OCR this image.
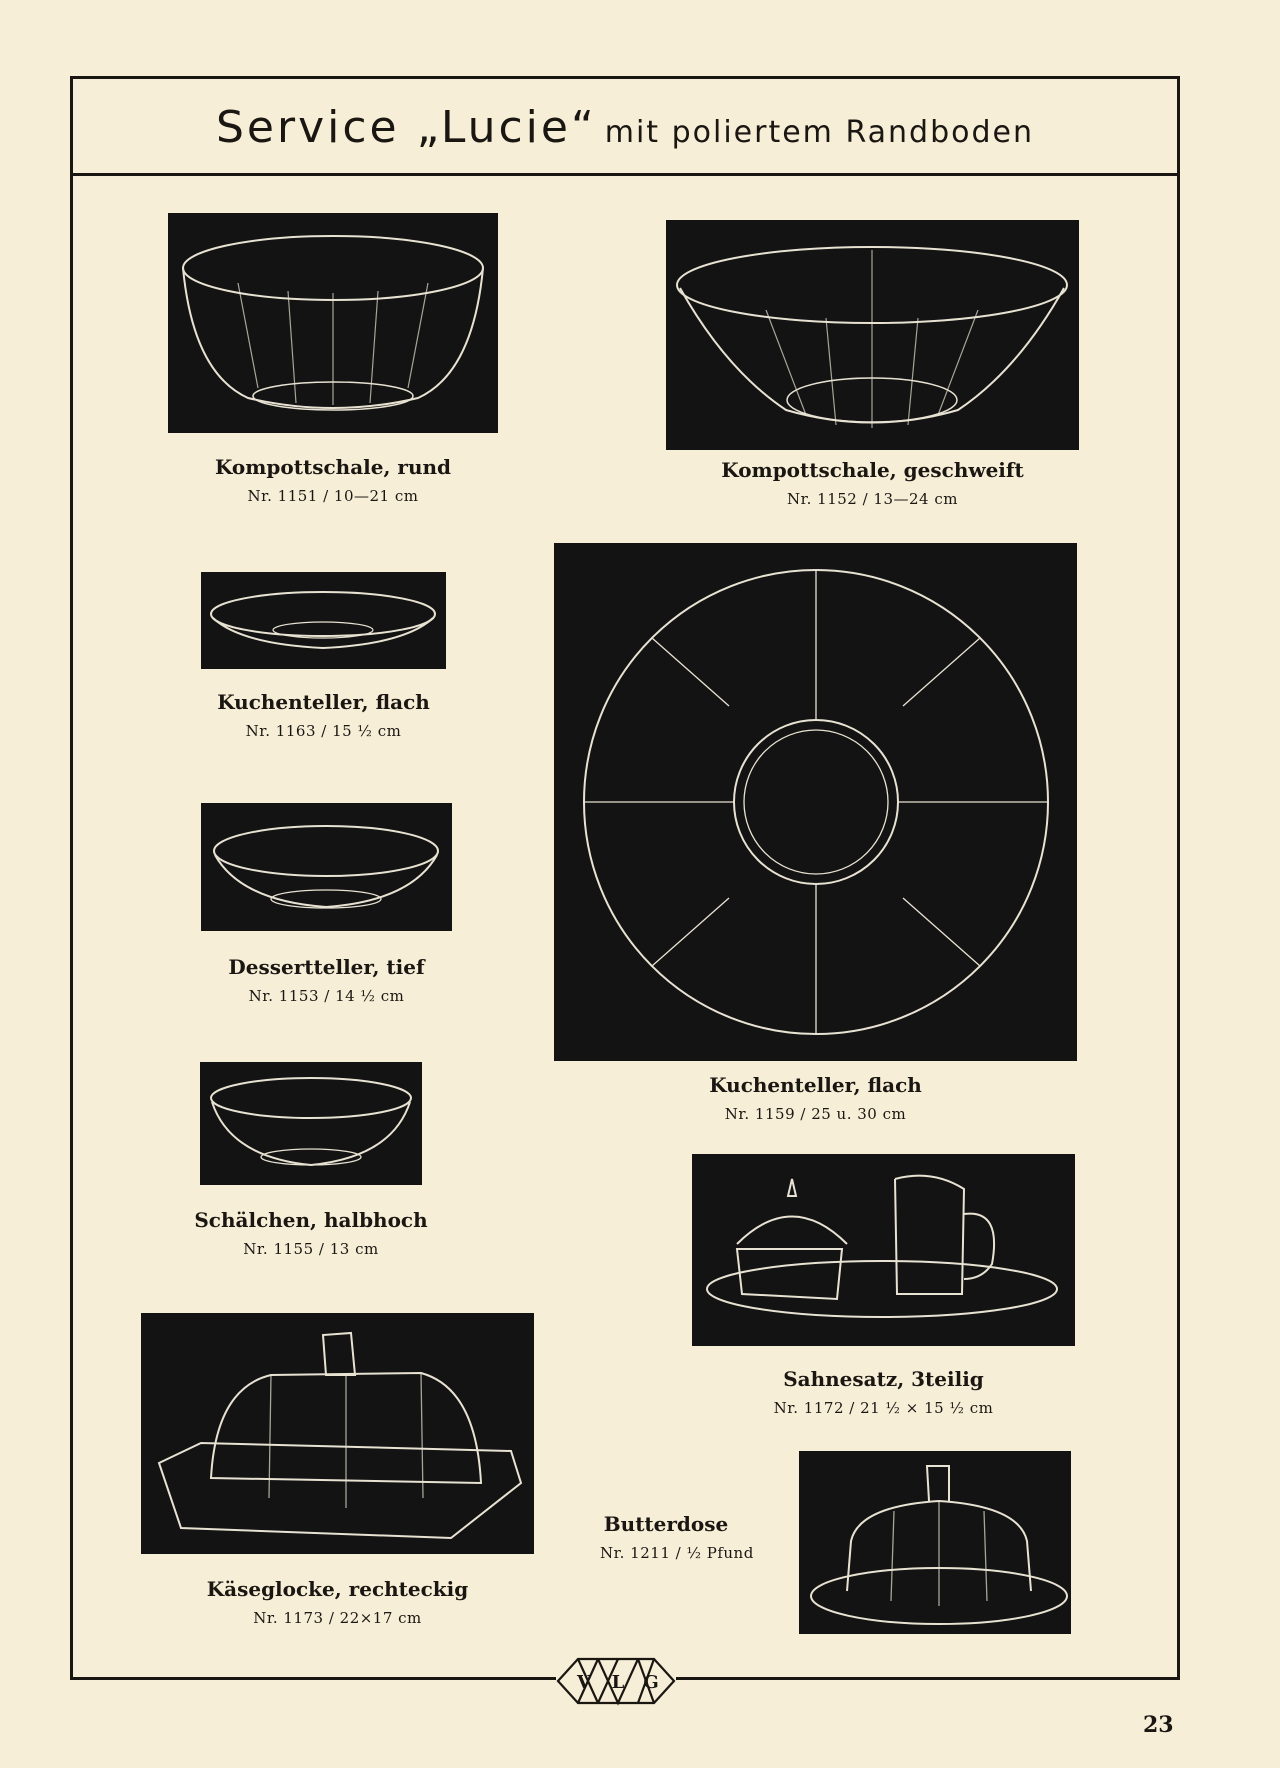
Service „Lucie“ mit poliertem Randboden
Kompottschale, rund
Nr. 1151 / 10—21 cm
Kompottschale, geschweift
Nr. 1152 / 13—24 cm
Kuchenteller, flach
Nr. 1163 / 15 ½ cm
Kuchenteller, flach
Nr. 1159 / 25 u. 30 cm
Dessertteller, tief
Nr. 1153 / 14 ½ cm
Schälchen, halbhoch
Nr. 1155 / 13 cm
Sahnesatz, 3teilig
Nr. 1172 / 21 ½ × 15 ½ cm
Käseglocke, rechteckig
Nr. 1173 / 22×17 cm
Butterdose
Nr. 1211 / ½ Pfund
V L G
23
